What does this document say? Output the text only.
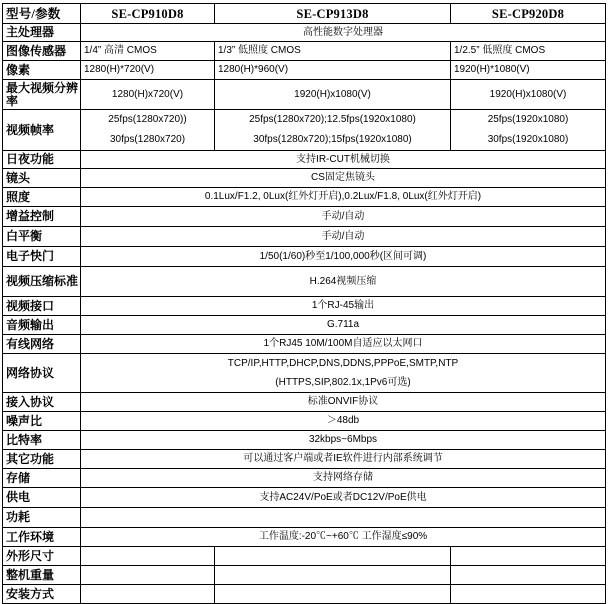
型号/参数	SE-CP910D8	SE-CP913D8	SE-CP920D8
主处理器	高性能数字处理器		
图像传感器	1/4” 高清 CMOS	1/3” 低照度 CMOS	1/2.5” 低照度 CMOS
像素	1280(H)*720(V)	1280(H)*960(V)	1920(H)*1080(V)
最大视频分辨率	1280(H)x720(V)	1920(H)x1080(V)	1920(H)x1080(V)
视频帧率	25fps(1280x720))	25fps(1280x720);12.5fps(1920x1080)	25fps(1920x1080)
	30fps(1280x720)	30fps(1280x720);15fps(1920x1080)	30fps(1920x1080)
日夜功能	支持IR-CUT机械切换		
镜头	CS固定焦镜头		
照度	0.1Lux/F1.2, 0Lux(红外灯开启),0.2Lux/F1.8, 0Lux(红外灯开启)		
增益控制	手动/自动		
白平衡	手动/自动		
电子快门	1/50(1/60)秒至1/100,000秒(区间可调)		
视频压缩标准	H.264视频压缩		
视频接口	1个RJ-45输出		
音频输出	G.711a		
有线网络	1个RJ45 10M/100M自适应以太网口		
网络协议	TCP/IP,HTTP,DHCP,DNS,DDNS,PPPoE,SMTP,NTP		
	(HTTPS,SIP,802.1x,1Pv6可选)		
接入协议	标准ONVIF协议		
噪声比	＞48db		
比特率	32kbps~6Mbps		
其它功能	可以通过客户端或者IE软件进行内部系统调节		
存储	支持网络存储		
供电	支持AC24V/PoE或者DC12V/PoE供电		
功耗			
工作环境	工作温度:-20℃~+60℃ 工作湿度≤90%		
外形尺寸			
整机重量			
安装方式			
